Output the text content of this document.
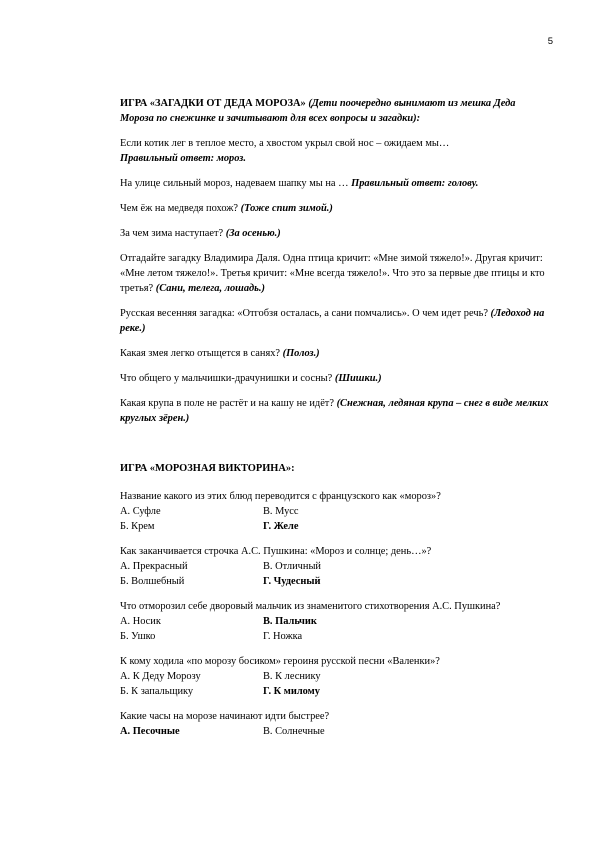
5

ИГРА «ЗАГАДКИ ОТ ДЕДА МОРОЗА» (Дети поочередно вынимают из мешка Деда Мороза по снежинке и зачитывают для всех вопросы и загадки):

Если котик лег в теплое место, а хвостом укрыл свой нос – ожидаем мы…
Правильный ответ: мороз.

На улице сильный мороз, надеваем шапку мы на … Правильный ответ: голову.

Чем ёж на медведя похож? (Тоже спит зимой.)

За чем зима наступает? (За осенью.)

Отгадайте загадку Владимира Даля. Одна птица кричит: «Мне зимой тяжело!». Другая кричит: «Мне летом тяжело!». Третья кричит: «Мне всегда тяжело!». Что это за первые две птицы и кто третья? (Сани, телега, лошадь.)

Русская весенняя загадка: «Отгобзя осталась, а сани помчались». О чем идет речь? (Ледоход на реке.)

Какая змея легко отыщется в санях? (Полоз.)

Что общего у мальчишки-драчунишки и сосны? (Шишки.)

Какая крупа в поле не растёт и на кашу не идёт? (Снежная, ледяная крупа – снег в виде мелких круглых зёрен.)

ИГРА «МОРОЗНАЯ ВИКТОРИНА»:

Название какого из этих блюд переводится с французского как «мороз»?
А. Суфле	В. Мусс
Б. Крем	Г. Желе
Как заканчивается строчка А.С. Пушкина: «Мороз и солнце; день…»?
А. Прекрасный	В. Отличный
Б. Волшебный	Г. Чудесный
Что отморозил себе дворовый мальчик из знаменитого стихотворения А.С. Пушкина?
А. Носик	В. Пальчик
Б. Ушко	Г. Ножка
К кому ходила «по морозу босиком» героиня русской песни «Валенки»?
А. К Деду Морозу	В. К леснику
Б. К запальщику	Г. К милому
Какие часы на морозе начинают идти быстрее?
А. Песочные	В. Солнечные
